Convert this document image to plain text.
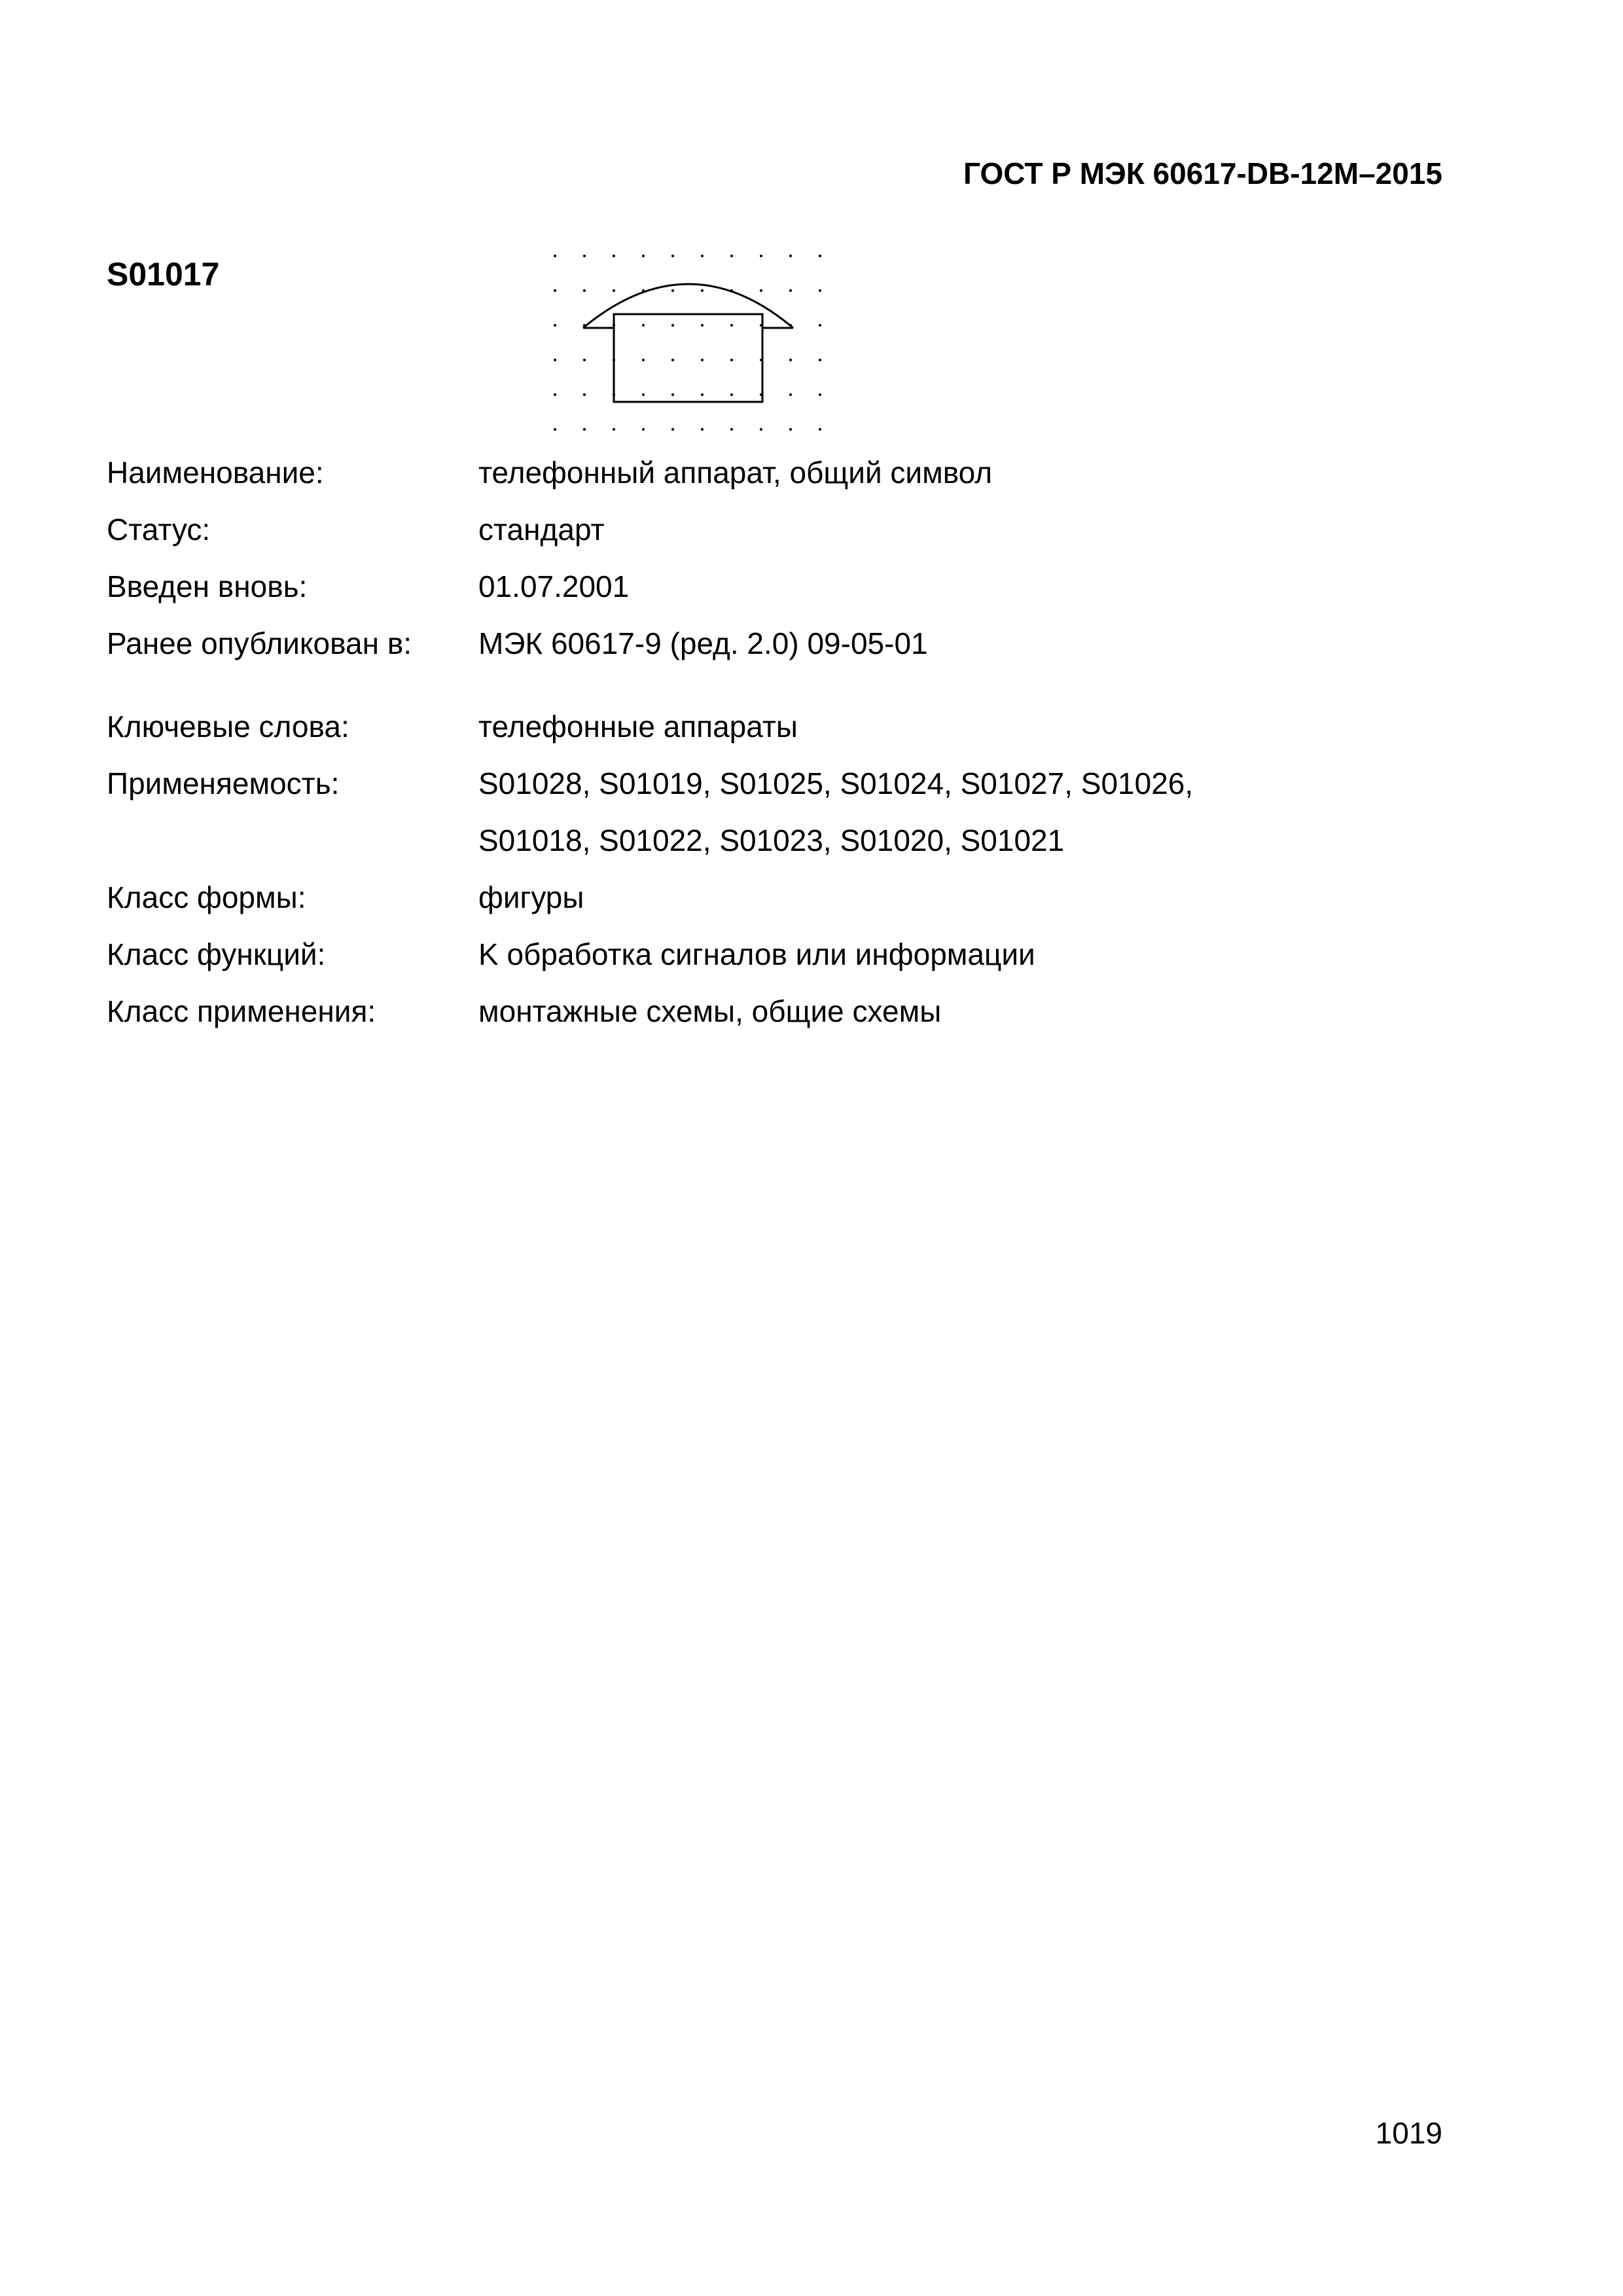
ГОСТ Р МЭК 60617-DB-12M–2015
S01017
Наименование:	телефонный аппарат, общий символ
Статус:	стандарт
Введен вновь:	01.07.2001
Ранее опубликован в:	МЭК 60617-9 (ред. 2.0) 09-05-01
Ключевые слова:	телефонные аппараты
Применяемость:	S01028, S01019, S01025, S01024, S01027, S01026,
S01018, S01022, S01023, S01020, S01021
Класс формы:	фигуры
Класс функций:	K обработка сигналов или информации
Класс применения:	монтажные схемы, общие схемы
1019
